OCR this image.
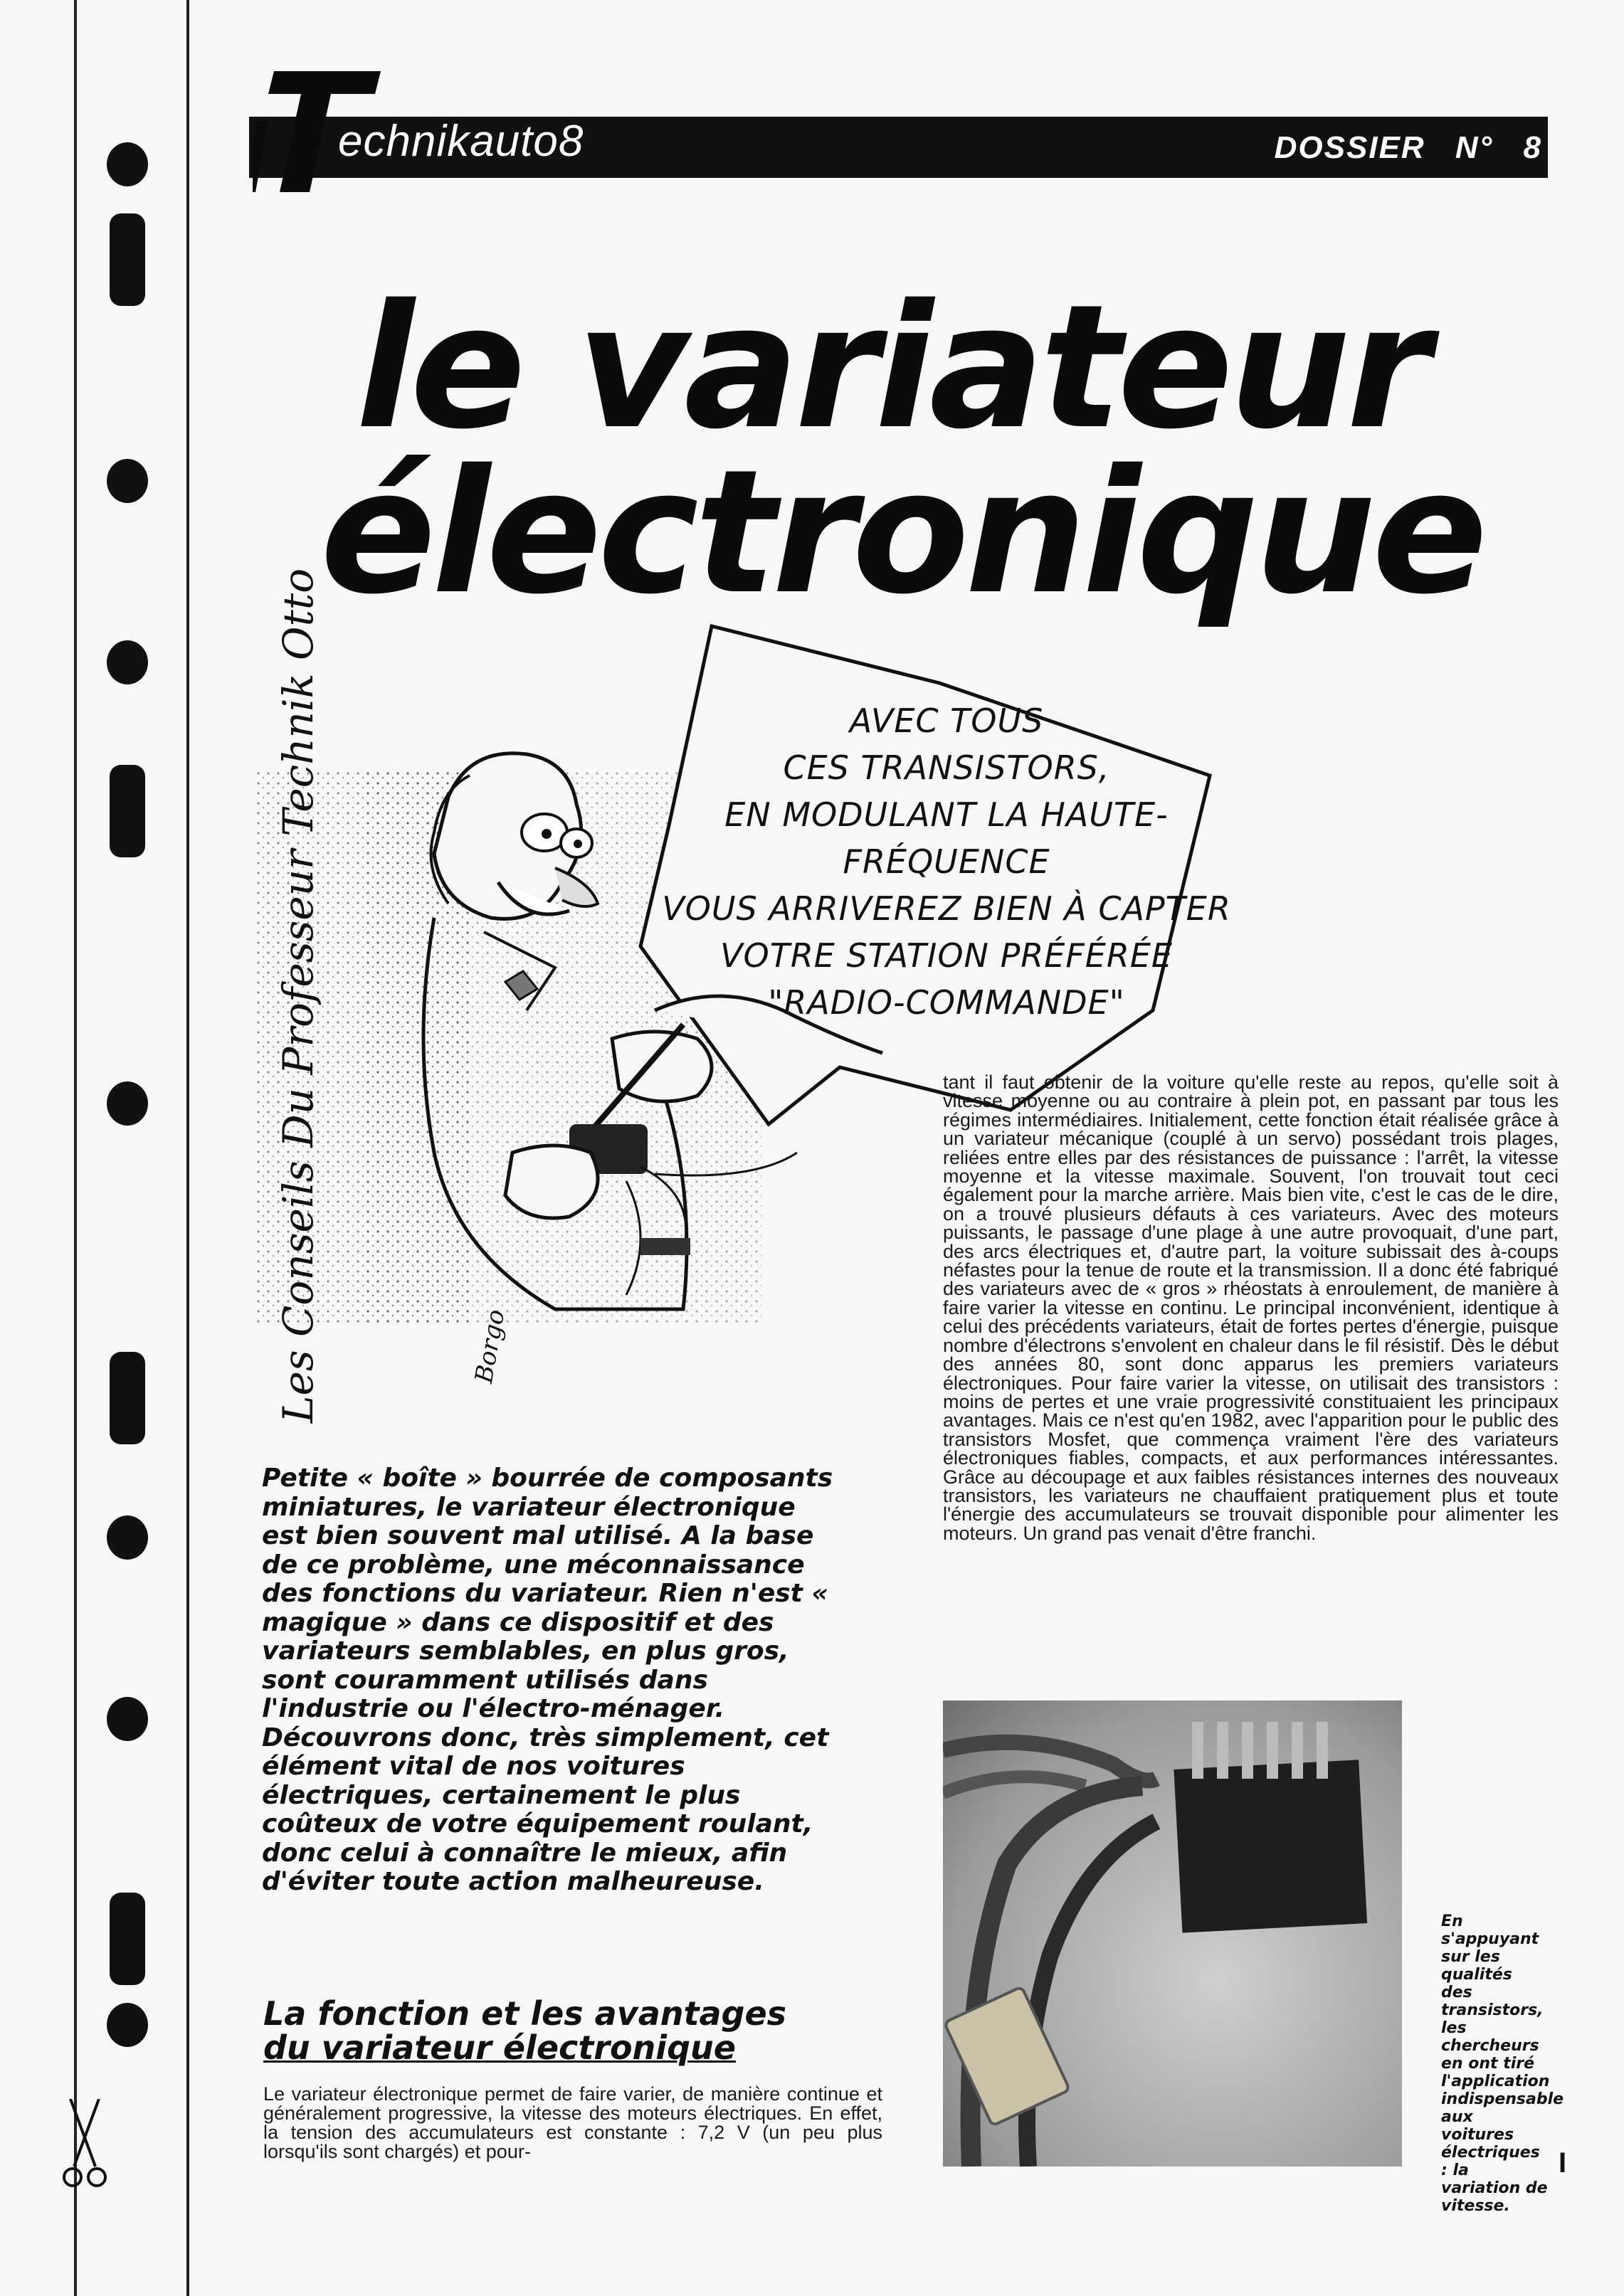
echnikauto8	DOSSIER N° 8
le variateur
électronique
AVEC TOUS
CES TRANSISTORS,
EN MODULANT LA HAUTE-FRÉQUENCE
VOUS ARRIVEREZ BIEN À CAPTER
VOTRE STATION PRÉFÉRÉE
"RADIO-COMMANDE"
Les Conseils Du Professeur Technik Otto	Borgo
tant il faut obtenir de la voiture qu'elle reste au repos, qu'elle soit à vitesse moyenne ou au contraire à plein pot, en passant par tous les régimes intermédiaires. Initialement, cette fonction était réalisée grâce à un variateur mécanique (couplé à un servo) possédant trois plages, reliées entre elles par des résistances de puissance : l'arrêt, la vitesse moyenne et la vitesse maximale. Souvent, l'on trouvait tout ceci également pour la marche arrière. Mais bien vite, c'est le cas de le dire, on a trouvé plusieurs défauts à ces variateurs. Avec des moteurs puissants, le passage d'une plage à une autre provoquait, d'une part, des arcs électriques et, d'autre part, la voiture subissait des à-coups néfastes pour la tenue de route et la transmission. Il a donc été fabriqué des variateurs avec de « gros » rhéostats à enroulement, de manière à faire varier la vitesse en continu. Le principal inconvénient, identique à celui des précédents variateurs, était de fortes pertes d'énergie, puisque nombre d'électrons s'envolent en chaleur dans le fil résistif. Dès le début des années 80, sont donc apparus les premiers variateurs électroniques. Pour faire varier la vitesse, on utilisait des transistors : moins de pertes et une vraie progressivité constituaient les principaux avantages. Mais ce n'est qu'en 1982, avec l'apparition pour le public des transistors Mosfet, que commença vraiment l'ère des variateurs électroniques fiables, compacts, et aux performances intéressantes. Grâce au découpage et aux faibles résistances internes des nouveaux transistors, les variateurs ne chauffaient pratiquement plus et toute l'énergie des accumulateurs se trouvait disponible pour alimenter les moteurs. Un grand pas venait d'être franchi.
Petite « boîte » bourrée de composants miniatures, le variateur électronique est bien souvent mal utilisé. A la base de ce problème, une méconnaissance des fonctions du variateur. Rien n'est « magique » dans ce dispositif et des variateurs semblables, en plus gros, sont couramment utilisés dans l'industrie ou l'électro-ménager. Découvrons donc, très simplement, cet élément vital de nos voitures électriques, certainement le plus coûteux de votre équipement roulant, donc celui à connaître le mieux, afin d'éviter toute action malheureuse.
La fonction et les avantages
du variateur électronique
Le variateur électronique permet de faire varier, de manière continue et généralement progressive, la vitesse des moteurs électriques. En effet, la tension des accumulateurs est constante : 7,2 V (un peu plus lorsqu'ils sont chargés) et pour-
En s'appuyant sur les qualités des transistors, les chercheurs en ont tiré l'application indispensable aux voitures électriques : la variation de vitesse.
I
